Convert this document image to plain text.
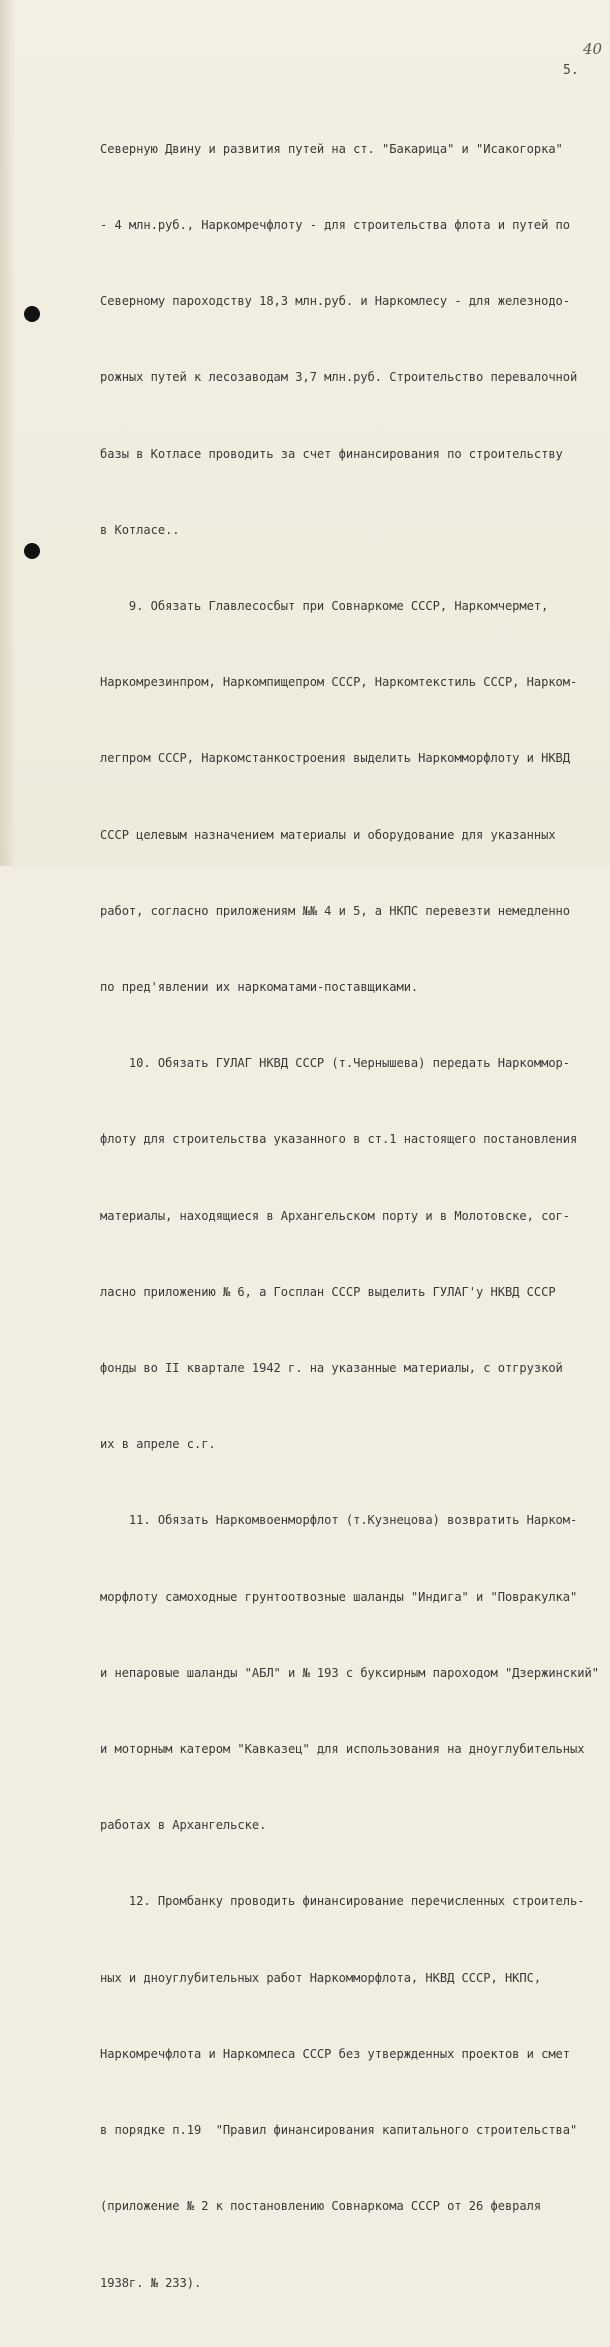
40
5.

Северную Двину и развития путей на ст. "Бакарица" и "Исакогорка"

- 4 млн.руб., Наркомречфлоту - для строительства флота и путей по

Северному пароходству 18,3 млн.руб. и Наркомлесу - для железнодо-

рожных путей к лесозаводам 3,7 млн.руб. Строительство перевалочной

базы в Котласе проводить за счет финансирования по строительству

в Котласе..

9. Обязать Главлесосбыт при Совнаркоме СССР, Наркомчермет,

Наркомрезинпром, Наркомпищепром СССР, Наркомтекстиль СССР, Нарком-

легпром СССР, Наркомстанкостроения выделить Наркомморфлоту и НКВД

СССР целевым назначением материалы и оборудование для указанных

работ, согласно приложениям №№ 4 и 5, а НКПС перевезти немедленно

по пред'явлении их наркоматами-поставщиками.

10. Обязать ГУЛАГ НКВД СССР (т.Чернышева) передать Наркоммор-

флоту для строительства указанного в ст.1 настоящего постановления

материалы, находящиеся в Архангельском порту и в Молотовске, сог-

ласно приложению № 6, а Госплан СССР выделить ГУЛАГ'у НКВД СССР

фонды во II квартале 1942 г. на указанные материалы, с отгрузкой

их в апреле с.г.

11. Обязать Наркомвоенморфлот (т.Кузнецова) возвратить Нарком-

морфлоту самоходные грунтоотвозные шаланды "Индига" и "Повракулка"

и непаровые шаланды "АБЛ" и № 193 с буксирным пароходом "Дзержинский"

и моторным катером "Кавказец" для использования на дноуглубительных

работах в Архангельске.

12. Промбанку проводить финансирование перечисленных строитель-

ных и дноуглубительных работ Наркомморфлота, НКВД СССР, НКПС,

Наркомречфлота и Наркомлеса СССР без утвержденных проектов и смет

в порядке п.19  "Правил финансирования капитального строительства"

(приложение № 2 к постановлению Совнаркома СССР от 26 февраля

1938г. № 233).
